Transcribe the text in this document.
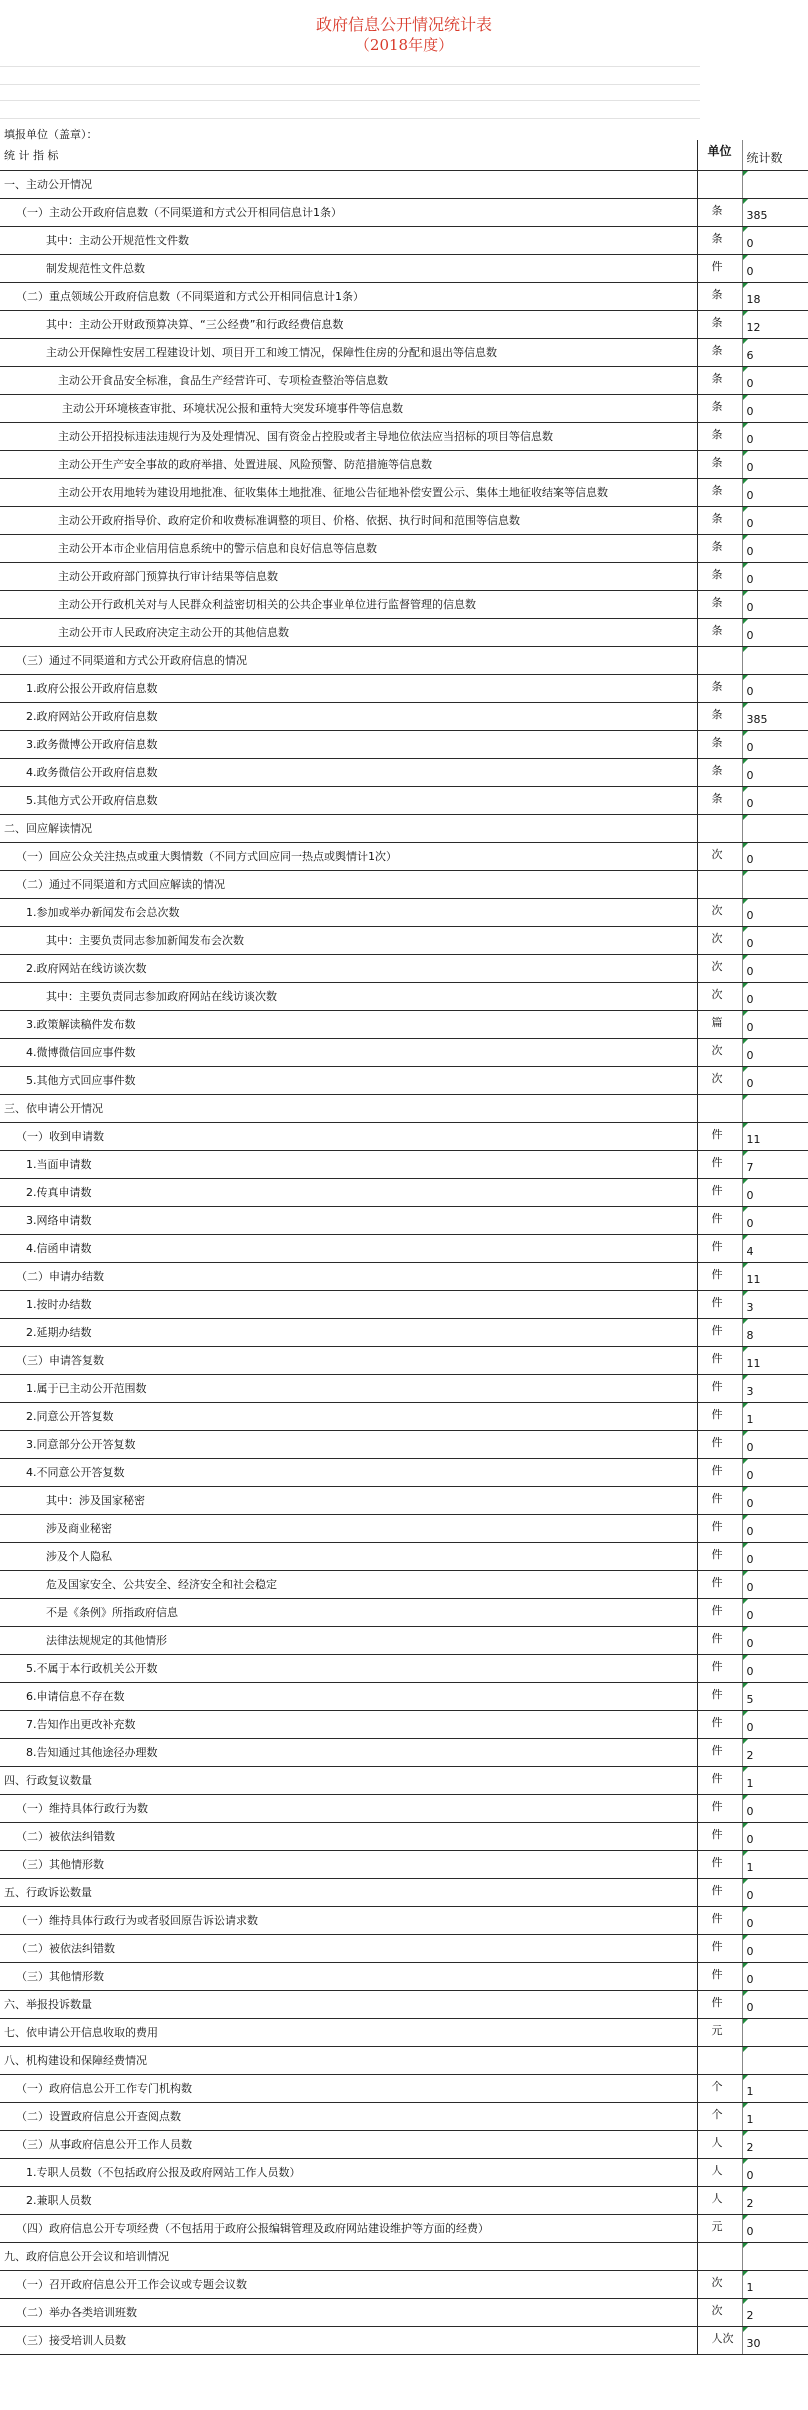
政府信息公开情况统计表
（2018年度）
填报单位（盖章）：
统 计 指 标	单位	统计数
一、主动公开情况		
（一）主动公开政府信息数（不同渠道和方式公开相同信息计1条）	条	385
其中：主动公开规范性文件数	条	0
制发规范性文件总数	件	0
（二）重点领域公开政府信息数（不同渠道和方式公开相同信息计1条）	条	18
其中：主动公开财政预算决算、“三公经费”和行政经费信息数	条	12
主动公开保障性安居工程建设计划、项目开工和竣工情况，保障性住房的分配和退出等信息数	条	6
主动公开食品安全标准，食品生产经营许可、专项检查整治等信息数	条	0
主动公开环境核查审批、环境状况公报和重特大突发环境事件等信息数	条	0
主动公开招投标违法违规行为及处理情况、国有资金占控股或者主导地位依法应当招标的项目等信息数	条	0
主动公开生产安全事故的政府举措、处置进展、风险预警、防范措施等信息数	条	0
主动公开农用地转为建设用地批准、征收集体土地批准、征地公告征地补偿安置公示、集体土地征收结案等信息数	条	0
主动公开政府指导价、政府定价和收费标准调整的项目、价格、依据、执行时间和范围等信息数	条	0
主动公开本市企业信用信息系统中的警示信息和良好信息等信息数	条	0
主动公开政府部门预算执行审计结果等信息数	条	0
主动公开行政机关对与人民群众利益密切相关的公共企事业单位进行监督管理的信息数	条	0
主动公开市人民政府决定主动公开的其他信息数	条	0
（三）通过不同渠道和方式公开政府信息的情况		
1.政府公报公开政府信息数	条	0
2.政府网站公开政府信息数	条	385
3.政务微博公开政府信息数	条	0
4.政务微信公开政府信息数	条	0
5.其他方式公开政府信息数	条	0
二、回应解读情况		
（一）回应公众关注热点或重大舆情数（不同方式回应同一热点或舆情计1次）	次	0
（二）通过不同渠道和方式回应解读的情况		
1.参加或举办新闻发布会总次数	次	0
其中：主要负责同志参加新闻发布会次数	次	0
2.政府网站在线访谈次数	次	0
其中：主要负责同志参加政府网站在线访谈次数	次	0
3.政策解读稿件发布数	篇	0
4.微博微信回应事件数	次	0
5.其他方式回应事件数	次	0
三、依申请公开情况		
（一）收到申请数	件	11
1.当面申请数	件	7
2.传真申请数	件	0
3.网络申请数	件	0
4.信函申请数	件	4
（二）申请办结数	件	11
1.按时办结数	件	3
2.延期办结数	件	8
（三）申请答复数	件	11
1.属于已主动公开范围数	件	3
2.同意公开答复数	件	1
3.同意部分公开答复数	件	0
4.不同意公开答复数	件	0
其中：涉及国家秘密	件	0
涉及商业秘密	件	0
涉及个人隐私	件	0
危及国家安全、公共安全、经济安全和社会稳定	件	0
不是《条例》所指政府信息	件	0
法律法规规定的其他情形	件	0
5.不属于本行政机关公开数	件	0
6.申请信息不存在数	件	5
7.告知作出更改补充数	件	0
8.告知通过其他途径办理数	件	2
四、行政复议数量	件	1
（一）维持具体行政行为数	件	0
（二）被依法纠错数	件	0
（三）其他情形数	件	1
五、行政诉讼数量	件	0
（一）维持具体行政行为或者驳回原告诉讼请求数	件	0
（二）被依法纠错数	件	0
（三）其他情形数	件	0
六、举报投诉数量	件	0
七、依申请公开信息收取的费用	元	
八、机构建设和保障经费情况		
（一）政府信息公开工作专门机构数	个	1
（二）设置政府信息公开查阅点数	个	1
（三）从事政府信息公开工作人员数	人	2
1.专职人员数（不包括政府公报及政府网站工作人员数）	人	0
2.兼职人员数	人	2
（四）政府信息公开专项经费（不包括用于政府公报编辑管理及政府网站建设维护等方面的经费）	元	0
九、政府信息公开会议和培训情况		
（一）召开政府信息公开工作会议或专题会议数	次	1
（二）举办各类培训班数	次	2
（三）接受培训人员数	人次	30
